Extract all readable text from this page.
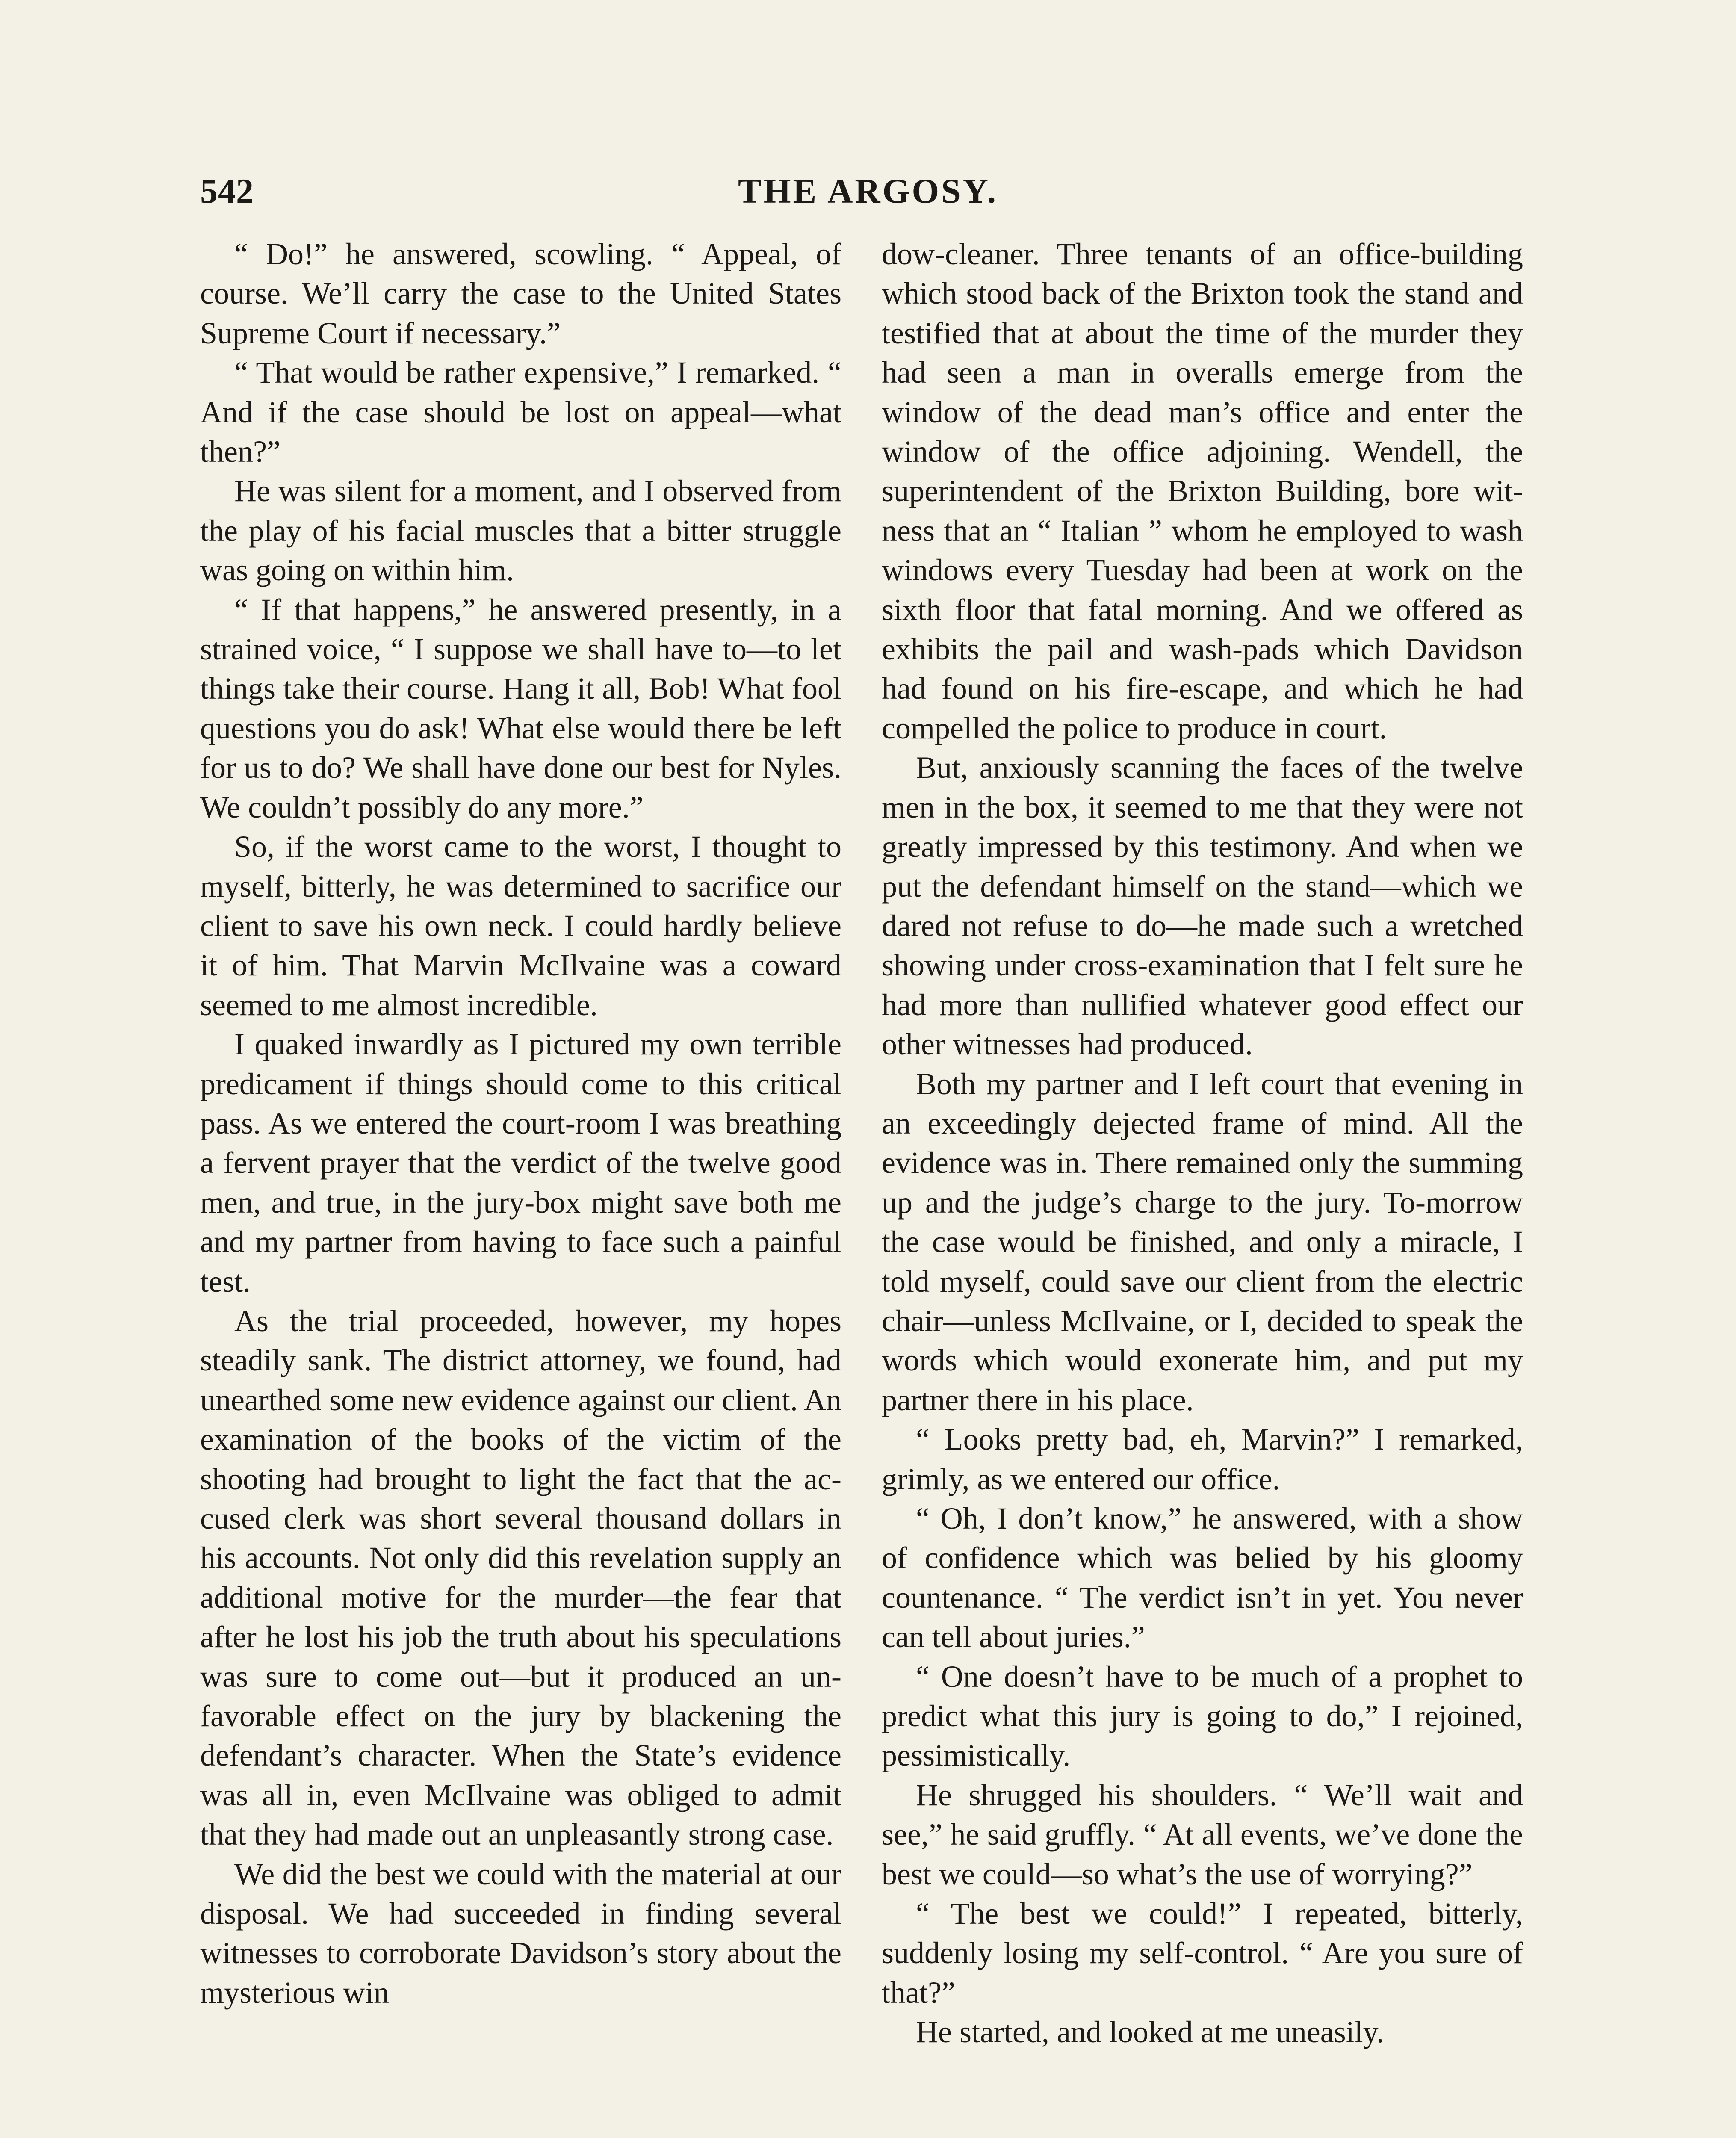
542	THE ARGOSY.

“ Do!” he answered, scowling. “ Appeal, of course. We’ll carry the case to the United States Supreme Court if necessary.”

“ That would be rather expensive,” I remarked. “ And if the case should be lost on appeal—what then?”

He was silent for a moment, and I observed from the play of his facial muscles that a bitter struggle was going on within him.

“ If that happens,” he answered presently, in a strained voice, “ I suppose we shall have to—to let things take their course. Hang it all, Bob! What fool questions you do ask! What else would there be left for us to do? We shall have done our best for Nyles. We couldn’t possibly do any more.”

So, if the worst came to the worst, I thought to myself, bitterly, he was determined to sacrifice our client to save his own neck. I could hardly believe it of him. That Marvin McIlvaine was a coward seemed to me almost incredible.

I quaked inwardly as I pictured my own terrible predicament if things should come to this critical pass. As we entered the court-room I was breathing a fervent prayer that the verdict of the twelve good men, and true, in the jury-box might save both me and my partner from having to face such a painful test.

As the trial proceeded, however, my hopes steadily sank. The district attorney, we found, had unearthed some new evidence against our client. An examination of the books of the victim of the shooting had brought to light the fact that the accused clerk was short several thousand dollars in his accounts. Not only did this revelation supply an additional motive for the murder—the fear that after he lost his job the truth about his speculations was sure to come out—but it produced an unfavorable effect on the jury by blackening the defendant’s character. When the State’s evidence was all in, even McIlvaine was obliged to admit that they had made out an unpleasantly strong case.

We did the best we could with the material at our disposal. We had succeeded in finding several witnesses to corroborate Davidson’s story about the mysterious win

dow-cleaner. Three tenants of an office-building which stood back of the Brixton took the stand and testified that at about the time of the murder they had seen a man in overalls emerge from the window of the dead man’s office and enter the window of the office adjoining. Wendell, the superintendent of the Brixton Building, bore witness that an “ Italian ” whom he employed to wash windows every Tuesday had been at work on the sixth floor that fatal morning. And we offered as exhibits the pail and wash-pads which Davidson had found on his fire-escape, and which he had compelled the police to produce in court.

But, anxiously scanning the faces of the twelve men in the box, it seemed to me that they were not greatly impressed by this testimony. And when we put the defendant himself on the stand—which we dared not refuse to do—he made such a wretched showing under cross-examination that I felt sure he had more than nullified whatever good effect our other witnesses had produced.

Both my partner and I left court that evening in an exceedingly dejected frame of mind. All the evidence was in. There remained only the summing up and the judge’s charge to the jury. To-morrow the case would be finished, and only a miracle, I told myself, could save our client from the electric chair—unless McIlvaine, or I, decided to speak the words which would exonerate him, and put my partner there in his place.

“ Looks pretty bad, eh, Marvin?” I remarked, grimly, as we entered our office.

“ Oh, I don’t know,” he answered, with a show of confidence which was belied by his gloomy countenance. “ The verdict isn’t in yet. You never can tell about juries.”

“ One doesn’t have to be much of a prophet to predict what this jury is going to do,” I rejoined, pessimistically.

He shrugged his shoulders. “ We’ll wait and see,” he said gruffly. “ At all events, we’ve done the best we could—so what’s the use of worrying?”

“ The best we could!” I repeated, bitterly, suddenly losing my self-control. “ Are you sure of that?”

He started, and looked at me uneasily.
